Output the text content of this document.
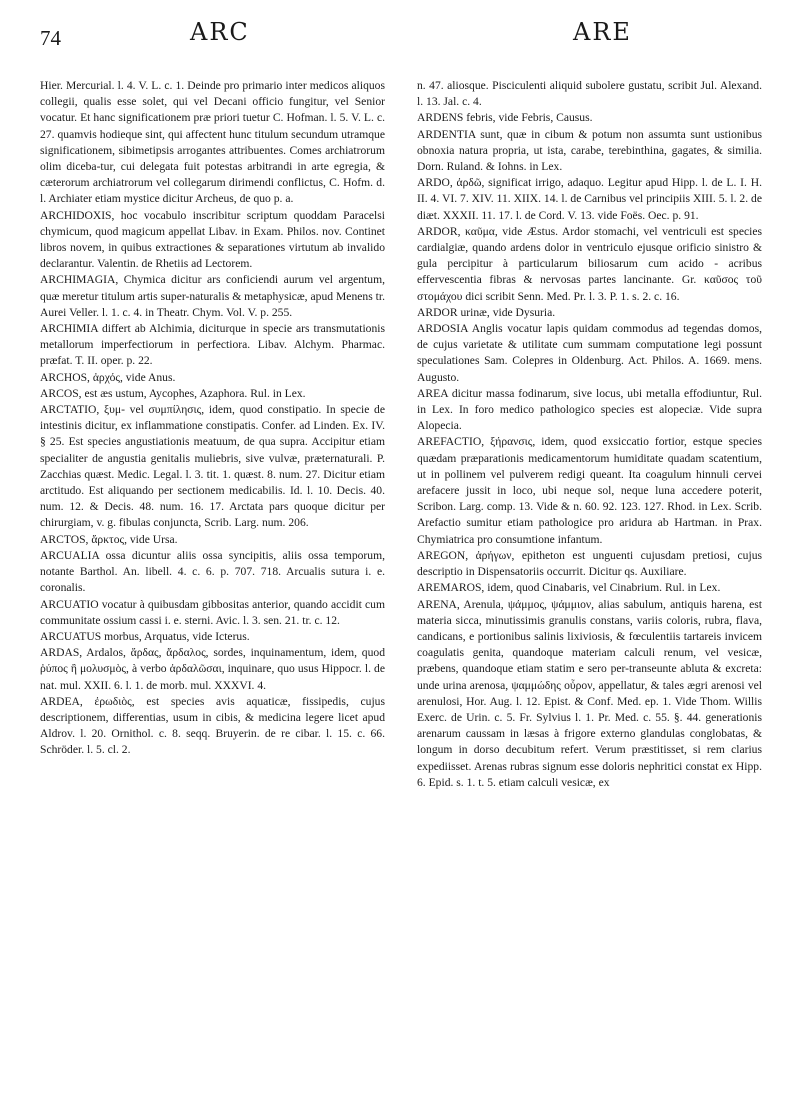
74	ARC	ARE

Hier. Mercurial. l. 4. V. L. c. 1. Deinde pro primario inter medicos aliquos collegii, qualis esse solet, qui vel Decani officio fungitur, vel Senior vocatur. Et hanc significationem præ priori tuetur C. Hofman. l. 5. V. L. c. 27. quamvis hodieque sint, qui affectent hunc titulum secundum utramque significationem, sibimetipsis arrogantes attribuentes. Comes archiatrorum olim diceba-tur, cui delegata fuit potestas arbitrandi in arte egregia, & cæterorum archiatrorum vel collegarum dirimendi conflictus, C. Hofm. d. l. Archiater etiam mystice dicitur Archeus, de quo p. a.

ARCHIDOXIS, hoc vocabulo inscribitur scriptum quoddam Paracelsi chymicum, quod magicum appellat Libav. in Exam. Philos. nov. Continet libros novem, in quibus extractiones & separationes virtutum ab invalido declarantur. Valentin. de Rhetiis ad Lectorem.

ARCHIMAGIA, Chymica dicitur ars conficiendi aurum vel argentum, quæ meretur titulum artis super-naturalis & metaphysicæ, apud Menens tr. Aurei Veller. l. 1. c. 4. in Theatr. Chym. Vol. V. p. 255.

ARCHIMIA differt ab Alchimia, diciturque in specie ars transmutationis metallorum imperfectiorum in perfectiora. Libav. Alchym. Pharmac. præfat. T. II. oper. p. 22.

ARCHOS, ἀρχός, vide Anus.

ARCOS, est æs ustum, Aycophes, Azaphora. Rul. in Lex.

ARCTATIO, ξυμ- vel συμπίλησις, idem, quod constipatio. In specie de intestinis dicitur, ex inflammatione constipatis. Confer. ad Linden. Ex. IV. § 25. Est species angustiationis meatuum, de qua supra. Accipitur etiam specialiter de angustia genitalis muliebris, sive vulvæ, præternaturali. P. Zacchias quæst. Medic. Legal. l. 3. tit. 1. quæst. 8. num. 27. Dicitur etiam arctitudo. Est aliquando per sectionem medicabilis. Id. l. 10. Decis. 40. num. 12. & Decis. 48. num. 16. 17. Arctata pars quoque dicitur per chirurgiam, v. g. fibulas conjuncta, Scrib. Larg. num. 206.

ARCTOS, ἄρκτος, vide Ursa.

ARCUALIA ossa dicuntur aliis ossa syncipitis, aliis ossa temporum, notante Barthol. An. libell. 4. c. 6. p. 707. 718. Arcualis sutura i. e. coronalis.

ARCUATIO vocatur à quibusdam gibbositas anterior, quando accidit cum communitate ossium cassi i. e. sterni. Avic. l. 3. sen. 21. tr. c. 12.

ARCUATUS morbus, Arquatus, vide Icterus.

ARDAS, Ardalos, ἄρδας, ἄρδαλος, sordes, inquinamentum, idem, quod ῥύπος ἢ μολυσμὸς, à verbo ἀρδαλῶσαι, inquinare, quo usus Hippocr. l. de nat. mul. XXII. 6. l. 1. de morb. mul. XXXVI. 4.

ARDEA, ἐρωδιὸς, est species avis aquaticæ, fissipedis, cujus descriptionem, differentias, usum in cibis, & medicina legere licet apud Aldrov. l. 20. Ornithol. c. 8. seqq. Bruyerin. de re cibar. l. 15. c. 66. Schröder. l. 5. cl. 2.

n. 47. aliosque. Pisciculenti aliquid subolere gustatu, scribit Jul. Alexand. l. 13. Jal. c. 4.

ARDENS febris, vide Febris, Causus.

ARDENTIA sunt, quæ in cibum & potum non assumta sunt ustionibus obnoxia natura propria, ut ista, carabe, terebinthina, gagates, & similia. Dorn. Ruland. & Iohns. in Lex.

ARDO, ἀρδῶ, significat irrigo, adaquo. Legitur apud Hipp. l. de L. I. H. II. 4. VI. 7. XIV. 11. XIIX. 14. l. de Carnibus vel principiis XIII. 5. l. 2. de diæt. XXXII. 11. 17. l. de Cord. V. 13. vide Foës. Oec. p. 91.

ARDOR, καῦμα, vide Æstus. Ardor stomachi, vel ventriculi est species cardialgiæ, quando ardens dolor in ventriculo ejusque orificio sinistro & gula percipitur à particularum biliosarum cum acido - acribus effervescentia fibras & nervosas partes lancinante. Gr. καῦσος τοῦ στομάχου dici scribit Senn. Med. Pr. l. 3. P. 1. s. 2. c. 16.

ARDOR urinæ, vide Dysuria.

ARDOSIA Anglis vocatur lapis quidam commodus ad tegendas domos, de cujus varietate & utilitate cum summam computatione legi possunt speculationes Sam. Colepres in Oldenburg. Act. Philos. A. 1669. mens. Augusto.

AREA dicitur massa fodinarum, sive locus, ubi metalla effodiuntur, Rul. in Lex. In foro medico pathologico species est alopeciæ. Vide supra Alopecia.

AREFACTIO, ξήρανσις, idem, quod exsiccatio fortior, estque species quædam præparationis medicamentorum humiditate quadam scatentium, ut in pollinem vel pulverem redigi queant. Ita coagulum hinnuli cervei arefacere jussit in loco, ubi neque sol, neque luna accedere poterit, Scribon. Larg. comp. 13. Vide & n. 60. 92. 123. 127. Rhod. in Lex. Scrib. Arefactio sumitur etiam pathologice pro aridura ab Hartman. in Prax. Chymiatrica pro consumtione infantum.

AREGON, ἀρήγων, epitheton est unguenti cujusdam pretiosi, cujus descriptio in Dispensatoriis occurrit. Dicitur qs. Auxiliare.

AREMAROS, idem, quod Cinabaris, vel Cinabrium. Rul. in Lex.

ARENA, Arenula, ψάμμος, ψάμμιον, alias sabulum, antiquis harena, est materia sicca, minutissimis granulis constans, variis coloris, rubra, flava, candicans, e portionibus salinis lixiviosis, & fœculentiis tartareis invicem coagulatis genita, quandoque materiam calculi renum, vel vesicæ, præbens, quandoque etiam statim e sero per-transeunte abluta & excreta: unde urina arenosa, ψαμμώδης οὖρον, appellatur, & tales ægri arenosi vel arenulosi, Hor. Aug. l. 12. Epist. & Conf. Med. ep. 1. Vide Thom. Willis Exerc. de Urin. c. 5. Fr. Sylvius l. 1. Pr. Med. c. 55. §. 44. generationis arenarum caussam in læsas à frigore externo glandulas conglobatas, & longum in dorso decubitum refert. Verum præstitisset, si rem clarius expediisset. Arenas rubras signum esse doloris nephritici constat ex Hipp. 6. Epid. s. 1. t. 5. etiam calculi vesicæ, ex
